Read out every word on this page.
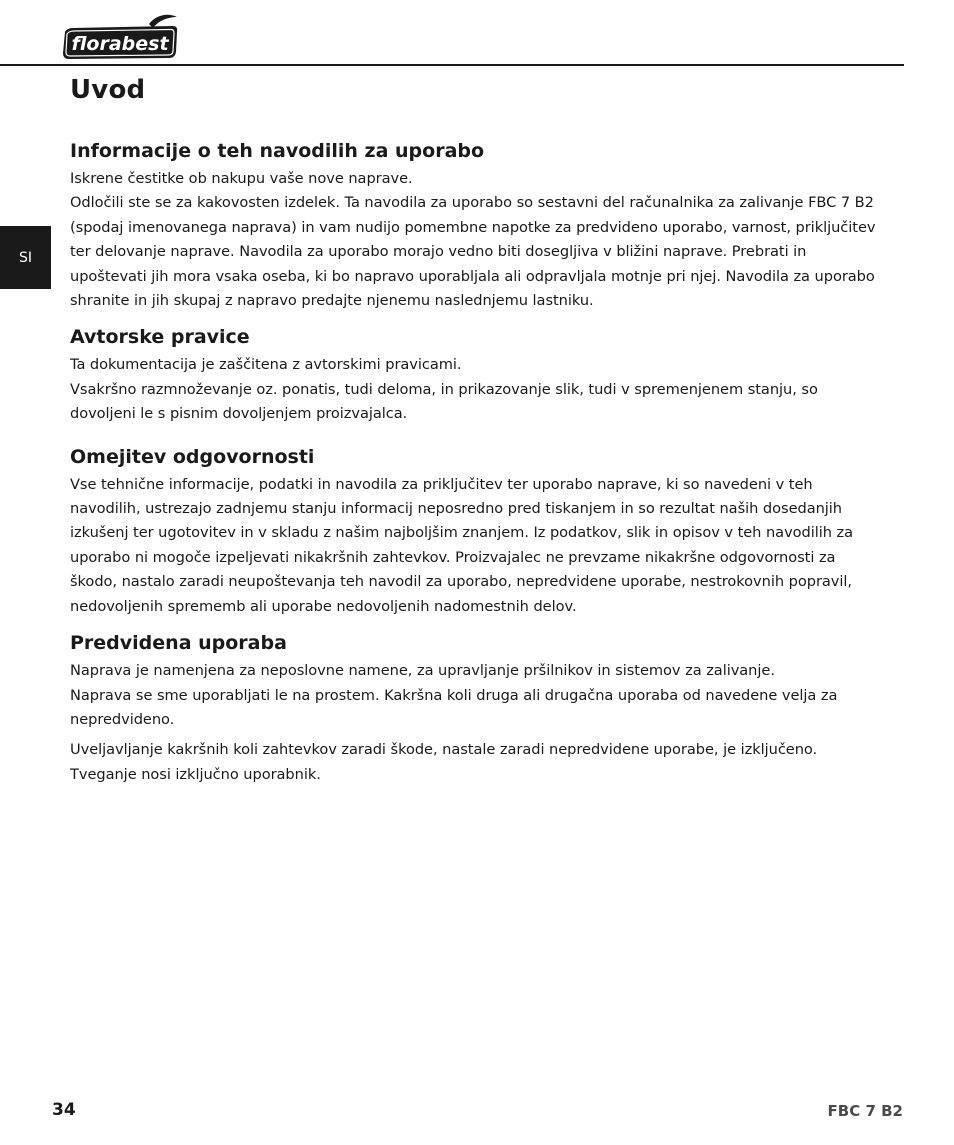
florabest
SI
Uvod
Informacije o teh navodilih za uporabo

Iskrene čestitke ob nakupu vaše nove naprave.
Odločili ste se za kakovosten izdelek. Ta navodila za uporabo so sestavni del računalnika za zalivanje FBC 7 B2 (spodaj imenovanega naprava) in vam nudijo pomembne napotke za predvideno uporabo, varnost, priključitev ter delovanje naprave. Navodila za uporabo morajo vedno biti dosegljiva v bližini naprave. Prebrati in upoštevati jih mora vsaka oseba, ki bo napravo uporabljala ali odpravljala motnje pri njej. Navodila za uporabo shranite in jih skupaj z napravo predajte njenemu naslednjemu lastniku.

Avtorske pravice

Ta dokumentacija je zaščitena z avtorskimi pravicami.
Vsakršno razmnoževanje oz. ponatis, tudi deloma, in prikazovanje slik, tudi v spremenjenem stanju, so dovoljeni le s pisnim dovoljenjem proizvajalca.

Omejitev odgovornosti

Vse tehnične informacije, podatki in navodila za priključitev ter uporabo naprave, ki so navedeni v teh navodilih, ustrezajo zadnjemu stanju informacij neposredno pred tiskanjem in so rezultat naših dosedanjih izkušenj ter ugotovitev in v skladu z našim najboljšim znanjem. Iz podatkov, slik in opisov v teh navodilih za uporabo ni mogoče izpeljevati nikakršnih zahtevkov. Proizvajalec ne prevzame nikakršne odgovornosti za škodo, nastalo zaradi neupoštevanja teh navodil za uporabo, nepredvidene uporabe, nestrokovnih popravil, nedovoljenih sprememb ali uporabe nedovoljenih nadomestnih delov.

Predvidena uporaba

Naprava je namenjena za neposlovne namene, za upravljanje pršilnikov in sistemov za zalivanje.
Naprava se sme uporabljati le na prostem. Kakršna koli druga ali drugačna uporaba od navedene velja za nepredvideno.

Uveljavljanje kakršnih koli zahtevkov zaradi škode, nastale zaradi nepredvidene uporabe, je izključeno. Tveganje nosi izključno uporabnik.

34	FBC 7 B2
